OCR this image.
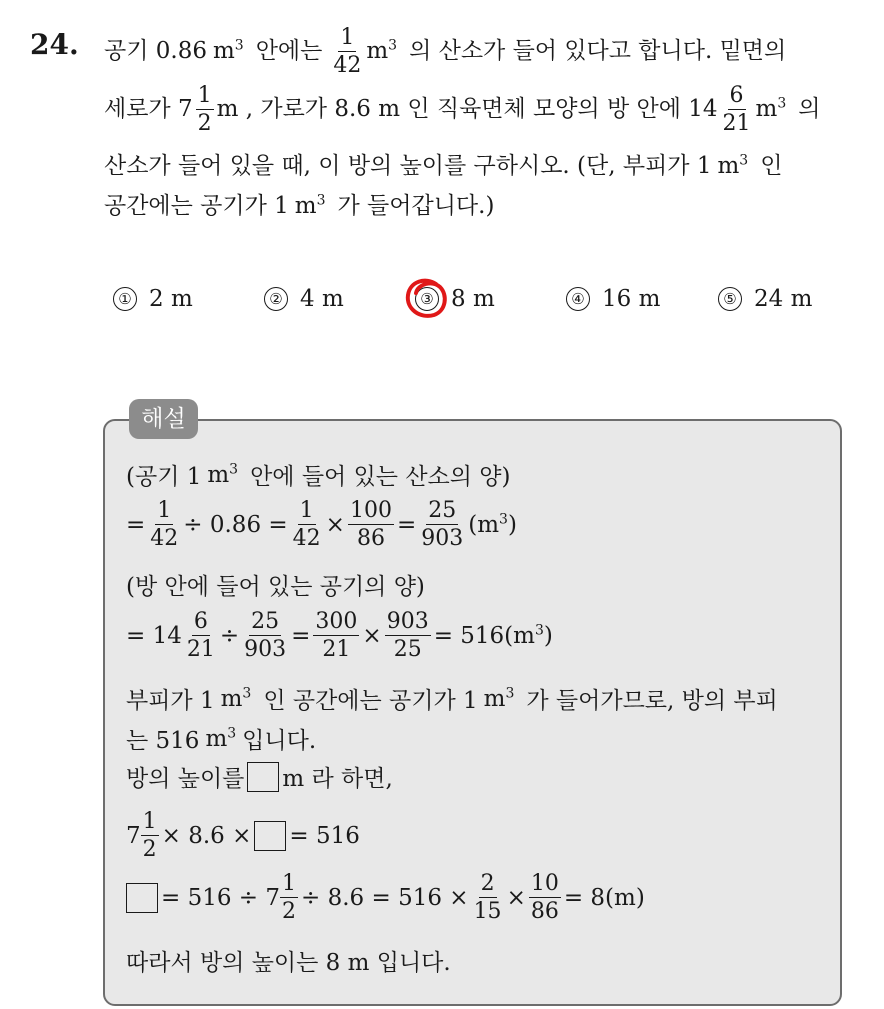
24. 공기 0.86 $m^3$ 안에는 $\frac{1}{42} m^3$ 의 산소가 들어 있다고 합니다. 밑면의
세로가 $7 \frac{1}{2}$ m , 가로가 8.6 m 인 직육면체 모양의 방 안에 $14 \frac{6}{21} m^3$ 의
산소가 들어 있을 때, 이 방의 높이를 구하시오. (단, 부피가 1 $m^3$ 인
공간에는 공기가 1 $m^3$ 가 들어갑니다.)
① 2 m	② 4 m	③ 8 m	④ 16 m	⑤ 24 m
해설
(공기 1 $m^3$ 안에 들어 있는 산소의 양)
= $\frac{1}{42} \div 0.86 = \frac{1}{42} \times \frac{100}{86} = \frac{25}{903} (m$ $^3$)
(방 안에 들어 있는 공기의 양)
= $14 \frac{6}{21} \div \frac{25}{903} = \frac{300}{21} \times \frac{903}{25} = 516(m$ $^3$)
부피가 1 $m^3$ 인 공간에는 공기가 1 $m^3$ 가 들어가므로, 방의 부피
는 516 $m^3$ 입니다.
방의 높이를 m 라 하면,
$7 \frac{1}{2} \times 8.6$ × = 516
= $516 \div 7 \frac{1}{2} \div 8.6 = 516 \times \frac{2}{15} \times \frac{10}{86} = 8(m)$
따라서 방의 높이는 8 m 입니다.
